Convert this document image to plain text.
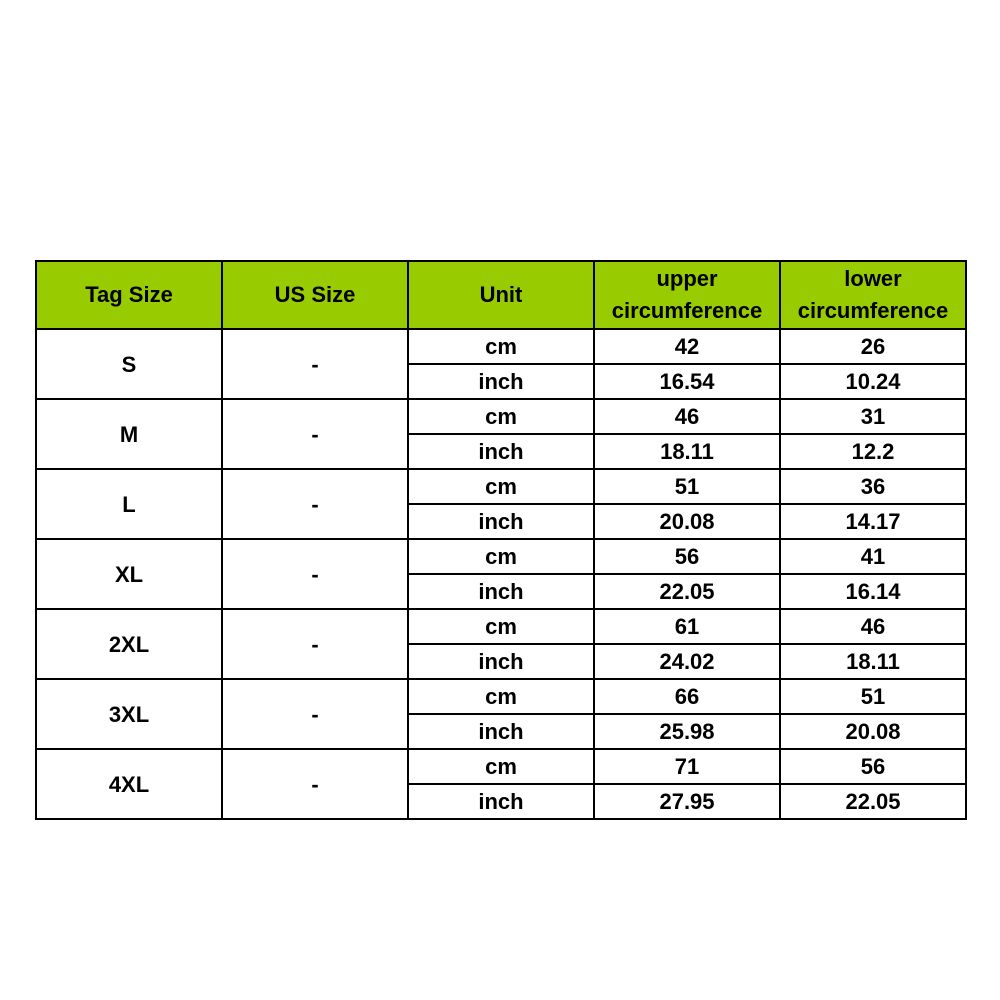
Tag Size	US Size	Unit	upper circumference	lower circumference
S	-	cm	42	26
		inch	16.54	10.24
M	-	cm	46	31
		inch	18.11	12.2
L	-	cm	51	36
		inch	20.08	14.17
XL	-	cm	56	41
		inch	22.05	16.14
2XL	-	cm	61	46
		inch	24.02	18.11
3XL	-	cm	66	51
		inch	25.98	20.08
4XL	-	cm	71	56
		inch	27.95	22.05
